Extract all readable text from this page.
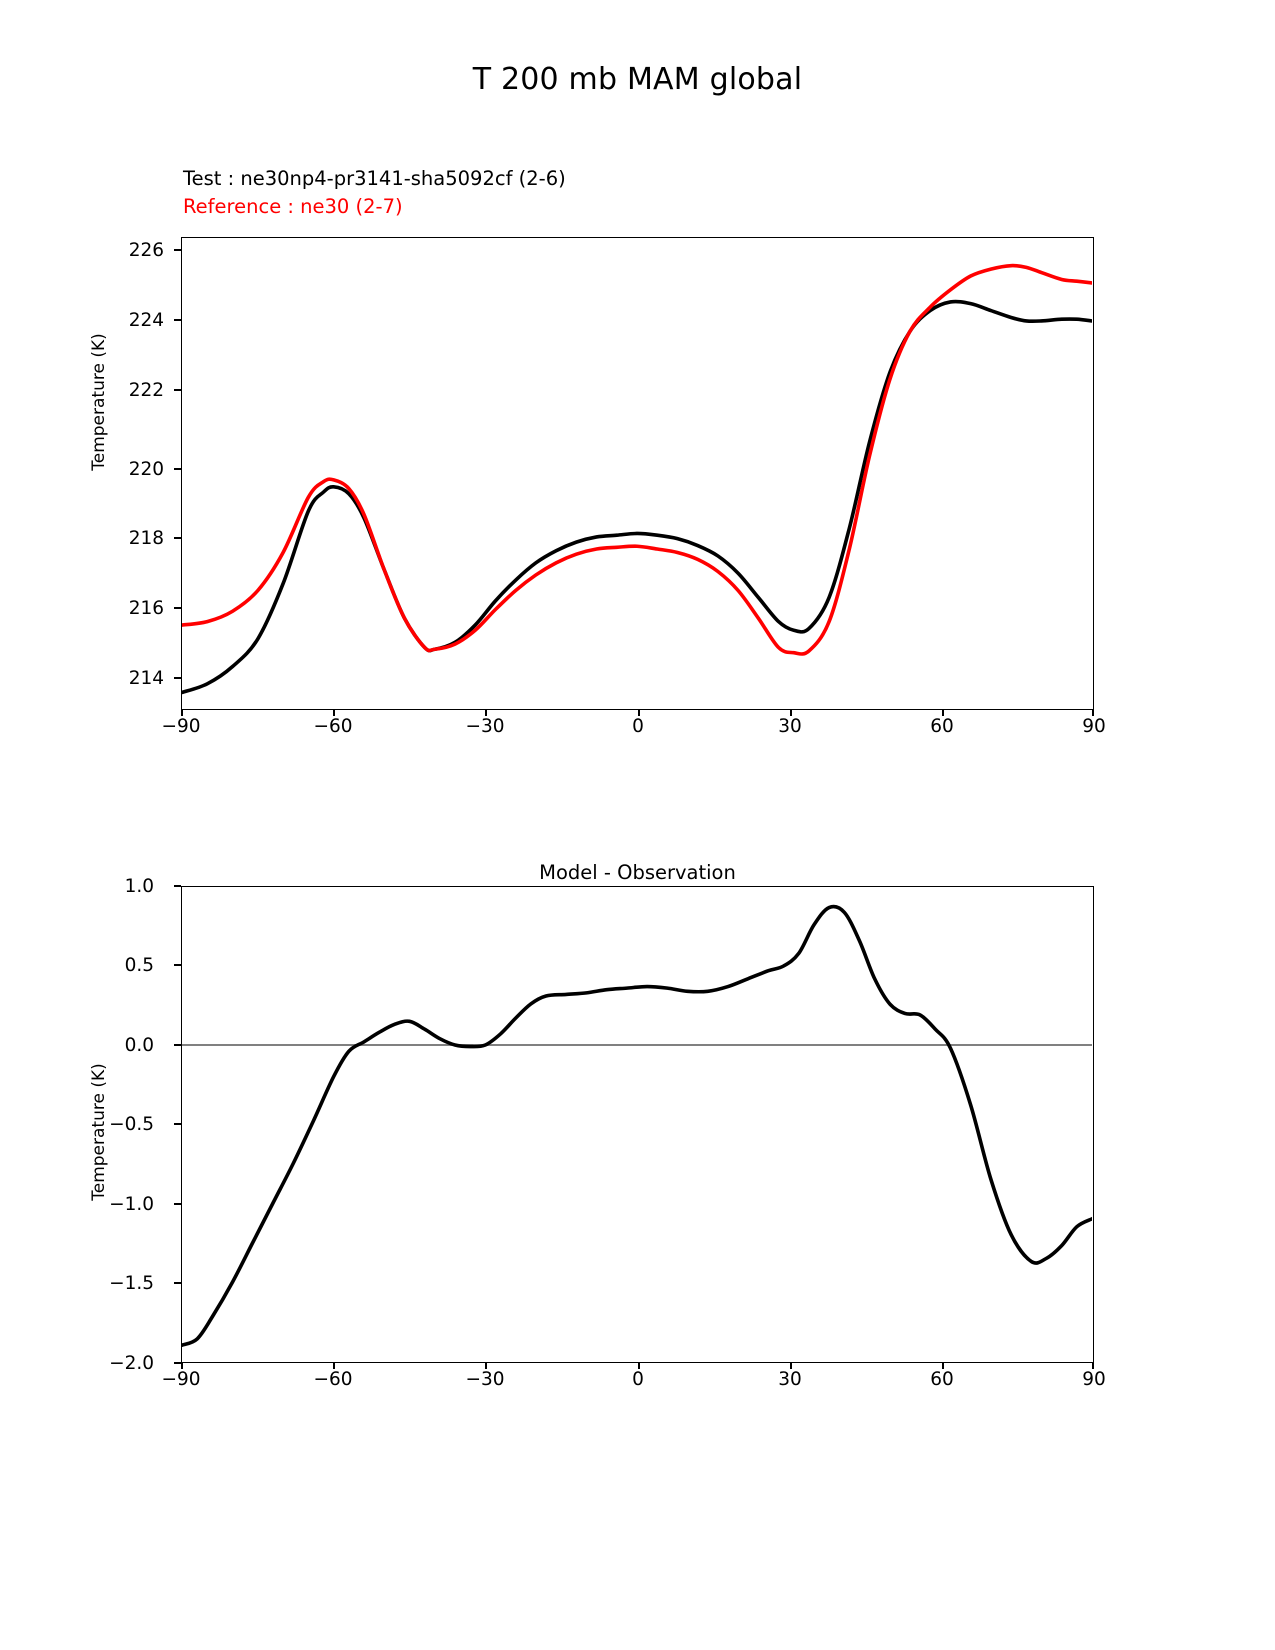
T 200 mb MAM global
Test : ne30np4-pr3141-sha5092cf (2-6)
Reference : ne30 (2-7)
Temperature (K)
214
216
218
220
222
224
226
−90	−60	−30	0	30	60	90
Model - Observation
Temperature (K)
−2.0
−1.5
−1.0
−0.5
0.0
0.5
1.0
−90	−60	−30	0	30	60	90
